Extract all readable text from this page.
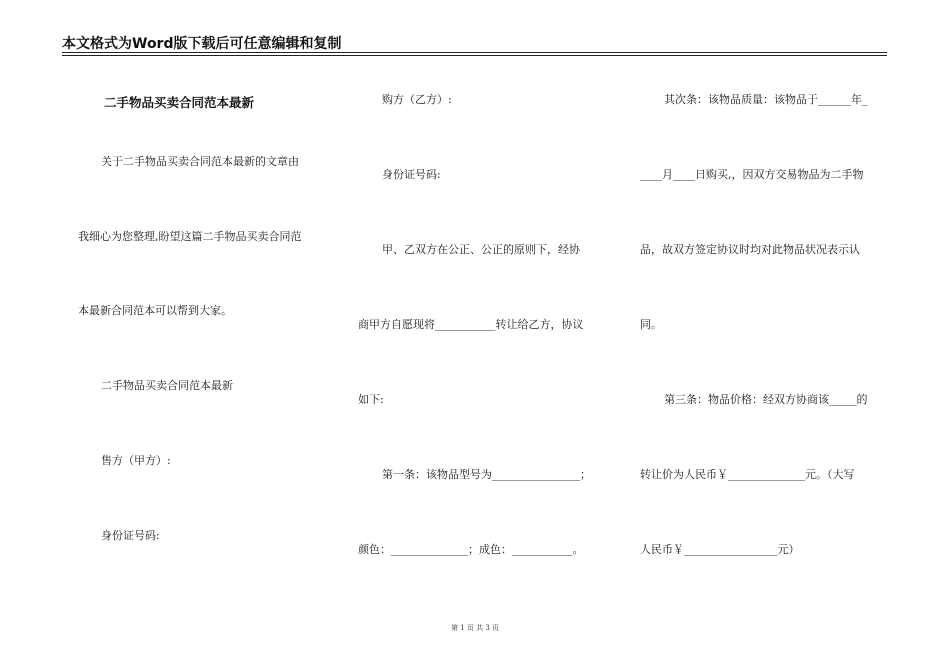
本文格式为Word版下载后可任意编辑和复制
二手物品买卖合同范本最新
关于二手物品买卖合同范本最新的文章由
我细心为您整理,盼望这篇二手物品买卖合同范
本最新合同范本可以帮到大家。
二手物品买卖合同范本最新
售方（甲方）:
身份证号码:
购方（乙方）:
身份证号码:
甲、乙双方在公正、公正的原则下，经协
商甲方自愿现将___________转让给乙方，协议
如下:
第一条：该物品型号为________________；
颜色：______________；成色：___________。
其次条：该物品质量：该物品于______年_
____月____日购买,，因双方交易物品为二手物
品，故双方签定协议时均对此物品状况表示认
同。
第三条：物品价格：经双方协商该_____的
转让价为人民币￥______________元。（大写
人民币￥_________________元）
第 1 页 共 3 页
